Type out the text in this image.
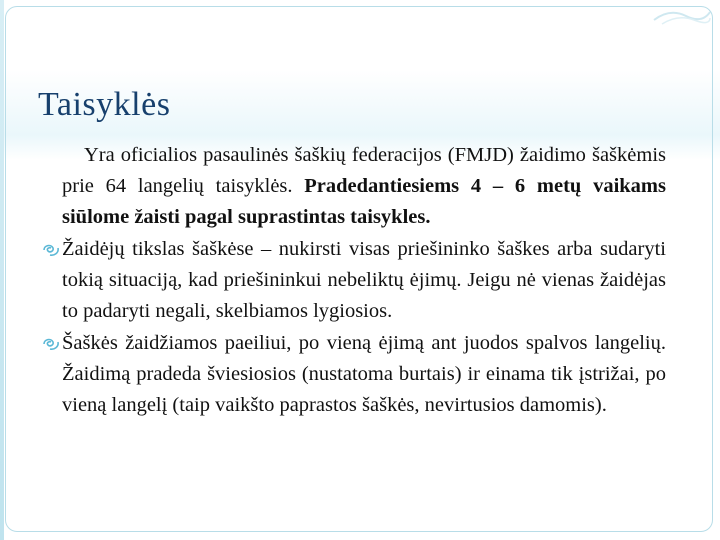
Taisyklės

Yra oficialios pasaulinės šaškių federacijos (FMJD) žaidimo šaškėmis prie 64 langelių taisyklės. Pradedantiesiems 4 – 6 metų vaikams siūlome žaisti pagal suprastintas taisykles.

Žaidėjų tikslas šaškėse – nukirsti visas priešininko šaškes arba sudaryti tokią situaciją, kad priešininkui nebeliktų ėjimų. Jeigu nė vienas žaidėjas to padaryti negali, skelbiamos lygiosios.

Šaškės žaidžiamos paeiliui, po vieną ėjimą ant juodos spalvos langelių. Žaidimą pradeda šviesiosios (nustatoma burtais) ir einama tik įstrižai, po vieną langelį (taip vaikšto paprastos šaškės, nevirtusios damomis).
